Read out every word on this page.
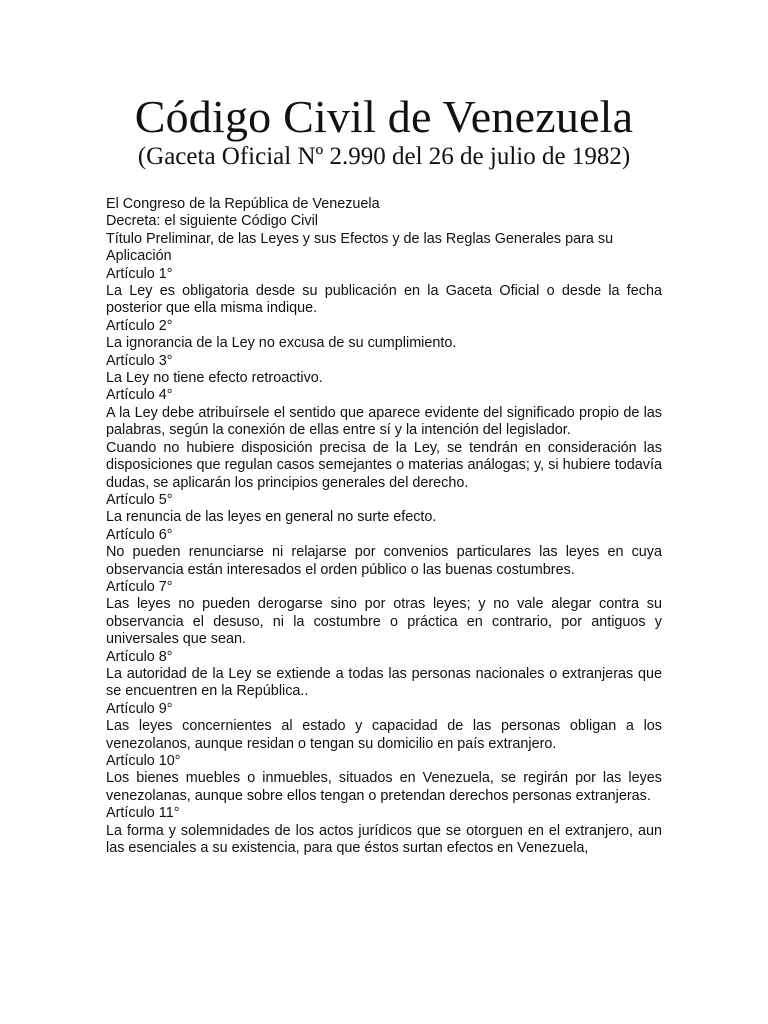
Código Civil de Venezuela
(Gaceta Oficial Nº 2.990 del 26 de julio de 1982)

El Congreso de la República de Venezuela

Decreta: el siguiente Código Civil

Título Preliminar, de las Leyes y sus Efectos y de las Reglas Generales para su Aplicación

Artículo 1°

La Ley es obligatoria desde su publicación en la Gaceta Oficial o desde la fecha posterior que ella misma indique.

Artículo 2°

La ignorancia de la Ley no excusa de su cumplimiento.

Artículo 3°

La Ley no tiene efecto retroactivo.

Artículo 4°

A la Ley debe atribuírsele el sentido que aparece evidente del significado propio de las palabras, según la conexión de ellas entre sí y la intención del legislador.

Cuando no hubiere disposición precisa de la Ley, se tendrán en consideración las disposiciones que regulan casos semejantes o materias análogas; y, si hubiere todavía dudas, se aplicarán los principios generales del derecho.

Artículo 5°

La renuncia de las leyes en general no surte efecto.

Artículo 6°

No pueden renunciarse ni relajarse por convenios particulares las leyes en cuya observancia están interesados el orden público o las buenas costumbres.

Artículo 7°

Las leyes no pueden derogarse sino por otras leyes; y no vale alegar contra su observancia el desuso, ni la costumbre o práctica en contrario, por antiguos y universales que sean.

Artículo 8°

La autoridad de la Ley se extiende a todas las personas nacionales o extranjeras que se encuentren en la República..

Artículo 9°

Las leyes concernientes al estado y capacidad de las personas obligan a los venezolanos, aunque residan o tengan su domicilio en país extranjero.

Artículo 10°

Los bienes muebles o inmuebles, situados en Venezuela, se regirán por las leyes venezolanas, aunque sobre ellos tengan o pretendan derechos personas extranjeras.

Artículo 11°

La forma y solemnidades de los actos jurídicos que se otorguen en el extranjero, aun las esenciales a su existencia, para que éstos surtan efectos en Venezuela,
